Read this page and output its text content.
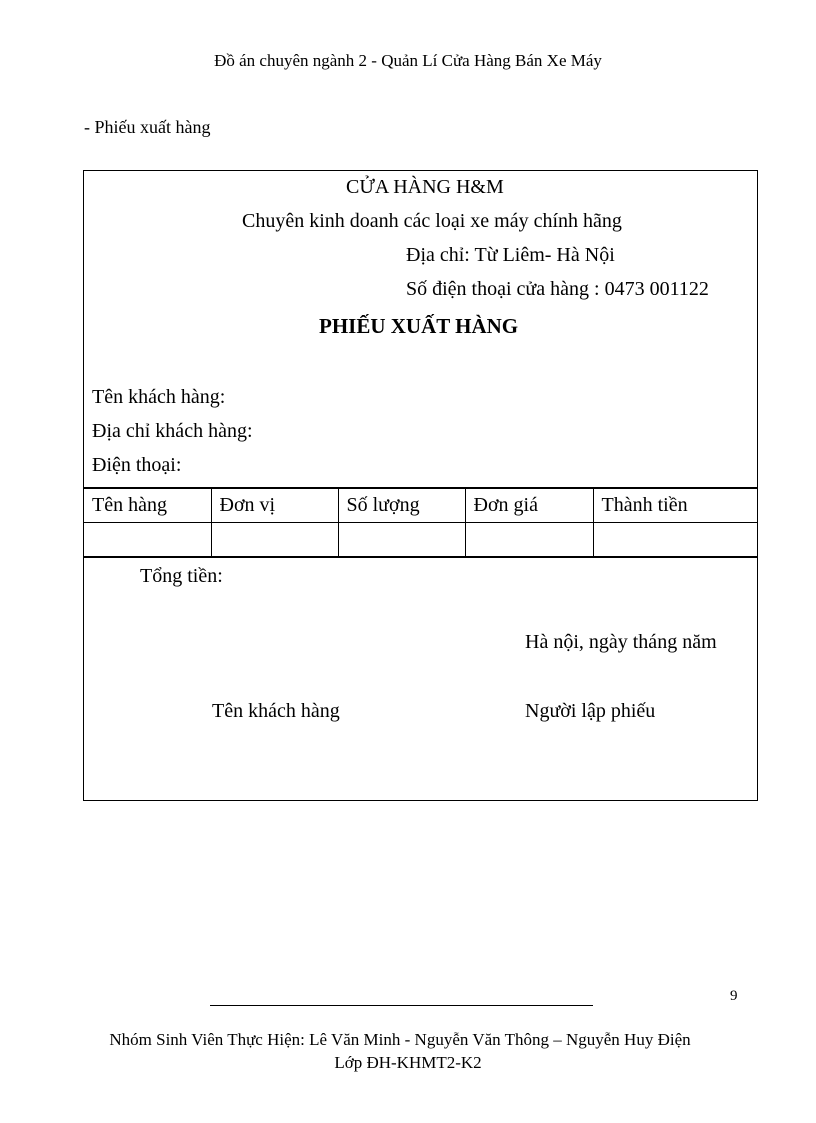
Đồ án chuyên ngành 2 - Quản Lí Cửa Hàng Bán Xe Máy
- Phiếu xuất hàng
CỬA HÀNG H&M
Chuyên kinh doanh các loại xe máy chính hãng
Địa chỉ: Từ Liêm- Hà Nội
Số điện thoại cửa hàng : 0473 001122
PHIẾU XUẤT HÀNG
Tên khách hàng:
Địa chỉ khách hàng:
Điện thoại:
Tên hàng	Đơn vị	Số lượng	Đơn giá	Thành tiền

Tổng tiền:
Hà nội, ngày tháng năm
Tên khách hàng	Người lập phiếu
9
Nhóm Sinh Viên Thực Hiện: Lê Văn Minh - Nguyễn Văn Thông – Nguyễn Huy Điện
Lớp ĐH-KHMT2-K2
